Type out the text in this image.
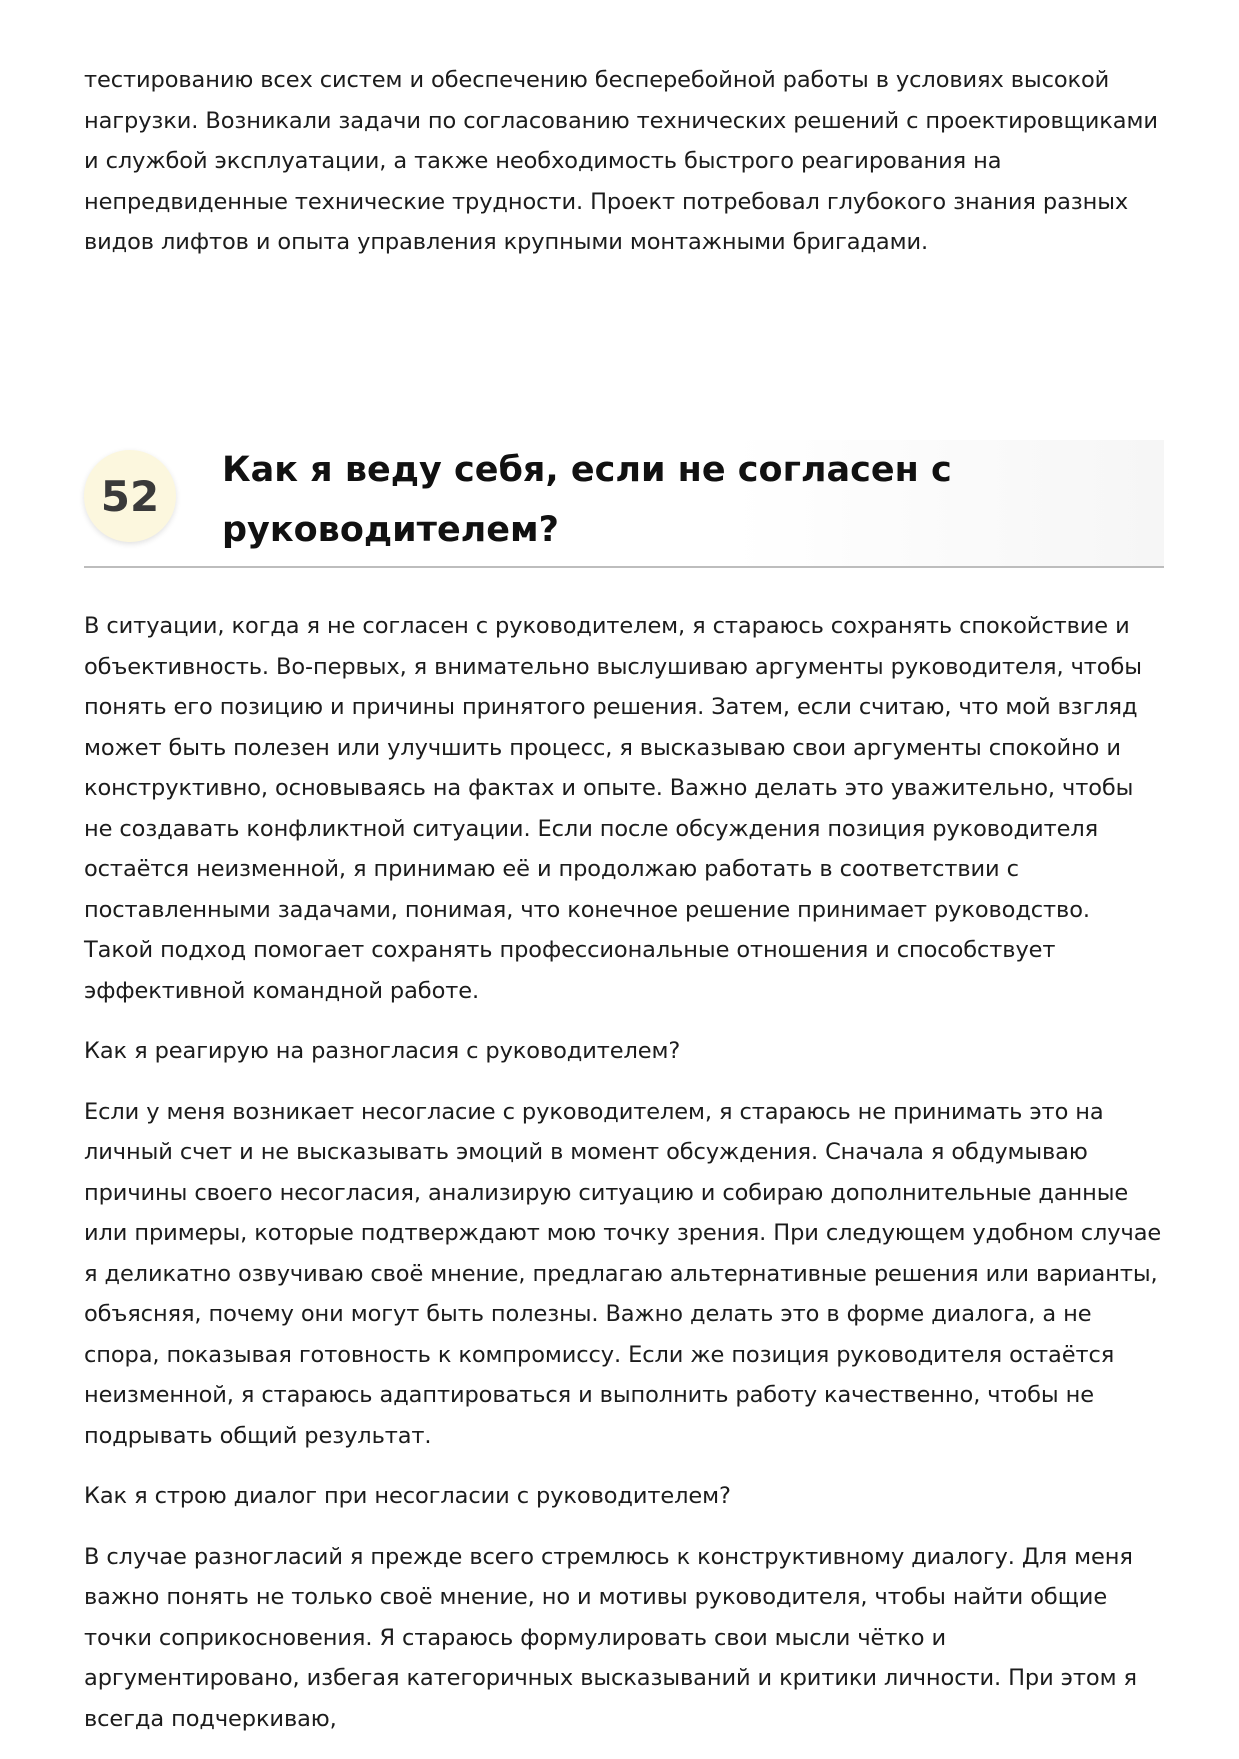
тестированию всех систем и обеспечению бесперебойной работы в условиях высокой нагрузки. Возникали задачи по согласованию технических решений с проектировщиками и службой эксплуатации, а также необходимость быстрого реагирования на непредвиденные технические трудности. Проект потребовал глубокого знания разных видов лифтов и опыта управления крупными монтажными бригадами.

52
Как я веду себя, если не согласен с руководителем?

В ситуации, когда я не согласен с руководителем, я стараюсь сохранять спокойствие и объективность. Во-первых, я внимательно выслушиваю аргументы руководителя, чтобы понять его позицию и причины принятого решения. Затем, если считаю, что мой взгляд может быть полезен или улучшить процесс, я высказываю свои аргументы спокойно и конструктивно, основываясь на фактах и опыте. Важно делать это уважительно, чтобы не создавать конфликтной ситуации. Если после обсуждения позиция руководителя остаётся неизменной, я принимаю её и продолжаю работать в соответствии с поставленными задачами, понимая, что конечное решение принимает руководство. Такой подход помогает сохранять профессиональные отношения и способствует эффективной командной работе.

Как я реагирую на разногласия с руководителем?

Если у меня возникает несогласие с руководителем, я стараюсь не принимать это на личный счет и не высказывать эмоций в момент обсуждения. Сначала я обдумываю причины своего несогласия, анализирую ситуацию и собираю дополнительные данные или примеры, которые подтверждают мою точку зрения. При следующем удобном случае я деликатно озвучиваю своё мнение, предлагаю альтернативные решения или варианты, объясняя, почему они могут быть полезны. Важно делать это в форме диалога, а не спора, показывая готовность к компромиссу. Если же позиция руководителя остаётся неизменной, я стараюсь адаптироваться и выполнить работу качественно, чтобы не подрывать общий результат.

Как я строю диалог при несогласии с руководителем?

В случае разногласий я прежде всего стремлюсь к конструктивному диалогу. Для меня важно понять не только своё мнение, но и мотивы руководителя, чтобы найти общие точки соприкосновения. Я стараюсь формулировать свои мысли чётко и аргументировано, избегая категоричных высказываний и критики личности. При этом я всегда подчеркиваю,
